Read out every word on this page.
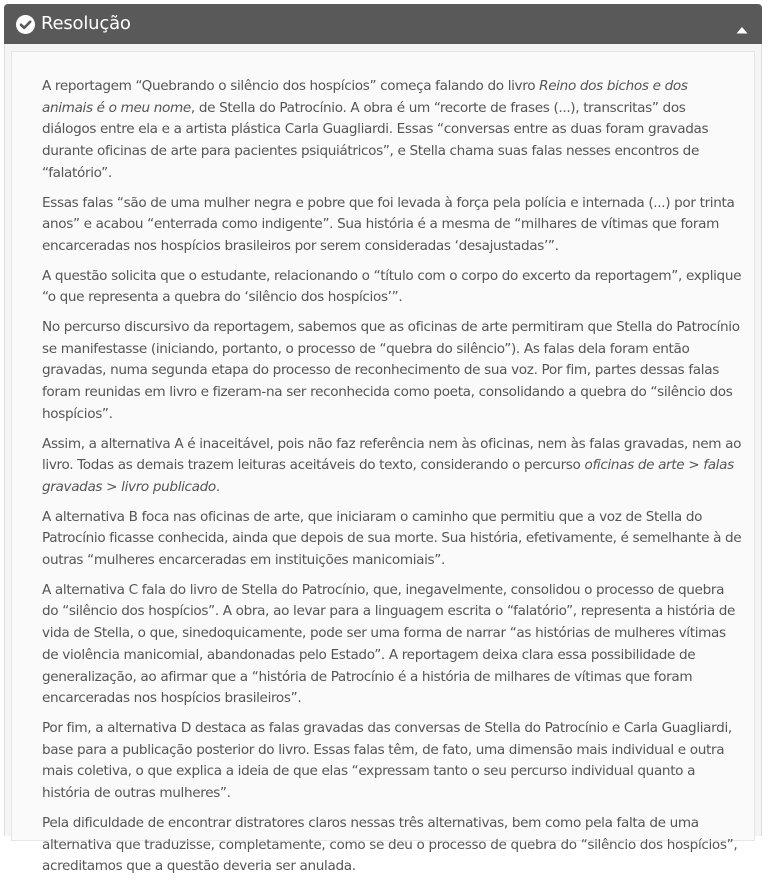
Resolução

A reportagem “Quebrando o silêncio dos hospícios” começa falando do livro Reino dos bichos e dos animais é o meu nome, de Stella do Patrocínio. A obra é um “recorte de frases (...), transcritas” dos diálogos entre ela e a artista plástica Carla Guagliardi. Essas “conversas entre as duas foram gravadas durante oficinas de arte para pacientes psiquiátricos”, e Stella chama suas falas nesses encontros de “falatório”.

Essas falas “são de uma mulher negra e pobre que foi levada à força pela polícia e internada (...) por trinta anos” e acabou “enterrada como indigente”. Sua história é a mesma de “milhares de vítimas que foram encarceradas nos hospícios brasileiros por serem consideradas ‘desajustadas’”.

A questão solicita que o estudante, relacionando o “título com o corpo do excerto da reportagem”, explique “o que representa a quebra do ‘silêncio dos hospícios’”.

No percurso discursivo da reportagem, sabemos que as oficinas de arte permitiram que Stella do Patrocínio se manifestasse (iniciando, portanto, o processo de “quebra do silêncio”). As falas dela foram então gravadas, numa segunda etapa do processo de reconhecimento de sua voz. Por fim, partes dessas falas foram reunidas em livro e fizeram-na ser reconhecida como poeta, consolidando a quebra do “silêncio dos hospícios”.

Assim, a alternativa A é inaceitável, pois não faz referência nem às oficinas, nem às falas gravadas, nem ao livro. Todas as demais trazem leituras aceitáveis do texto, considerando o percurso oficinas de arte > falas gravadas > livro publicado.

A alternativa B foca nas oficinas de arte, que iniciaram o caminho que permitiu que a voz de Stella do Patrocínio ficasse conhecida, ainda que depois de sua morte. Sua história, efetivamente, é semelhante à de outras “mulheres encarceradas em instituições manicomiais”.

A alternativa C fala do livro de Stella do Patrocínio, que, inegavelmente, consolidou o processo de quebra do “silêncio dos hospícios”. A obra, ao levar para a linguagem escrita o “falatório”, representa a história de vida de Stella, o que, sinedoquicamente, pode ser uma forma de narrar “as histórias de mulheres vítimas de violência manicomial, abandonadas pelo Estado”. A reportagem deixa clara essa possibilidade de generalização, ao afirmar que a “história de Patrocínio é a história de milhares de vítimas que foram encarceradas nos hospícios brasileiros”.

Por fim, a alternativa D destaca as falas gravadas das conversas de Stella do Patrocínio e Carla Guagliardi, base para a publicação posterior do livro. Essas falas têm, de fato, uma dimensão mais individual e outra mais coletiva, o que explica a ideia de que elas “expressam tanto o seu percurso individual quanto a história de outras mulheres”.

Pela dificuldade de encontrar distratores claros nessas três alternativas, bem como pela falta de uma alternativa que traduzisse, completamente, como se deu o processo de quebra do “silêncio dos hospícios”, acreditamos que a questão deveria ser anulada.
